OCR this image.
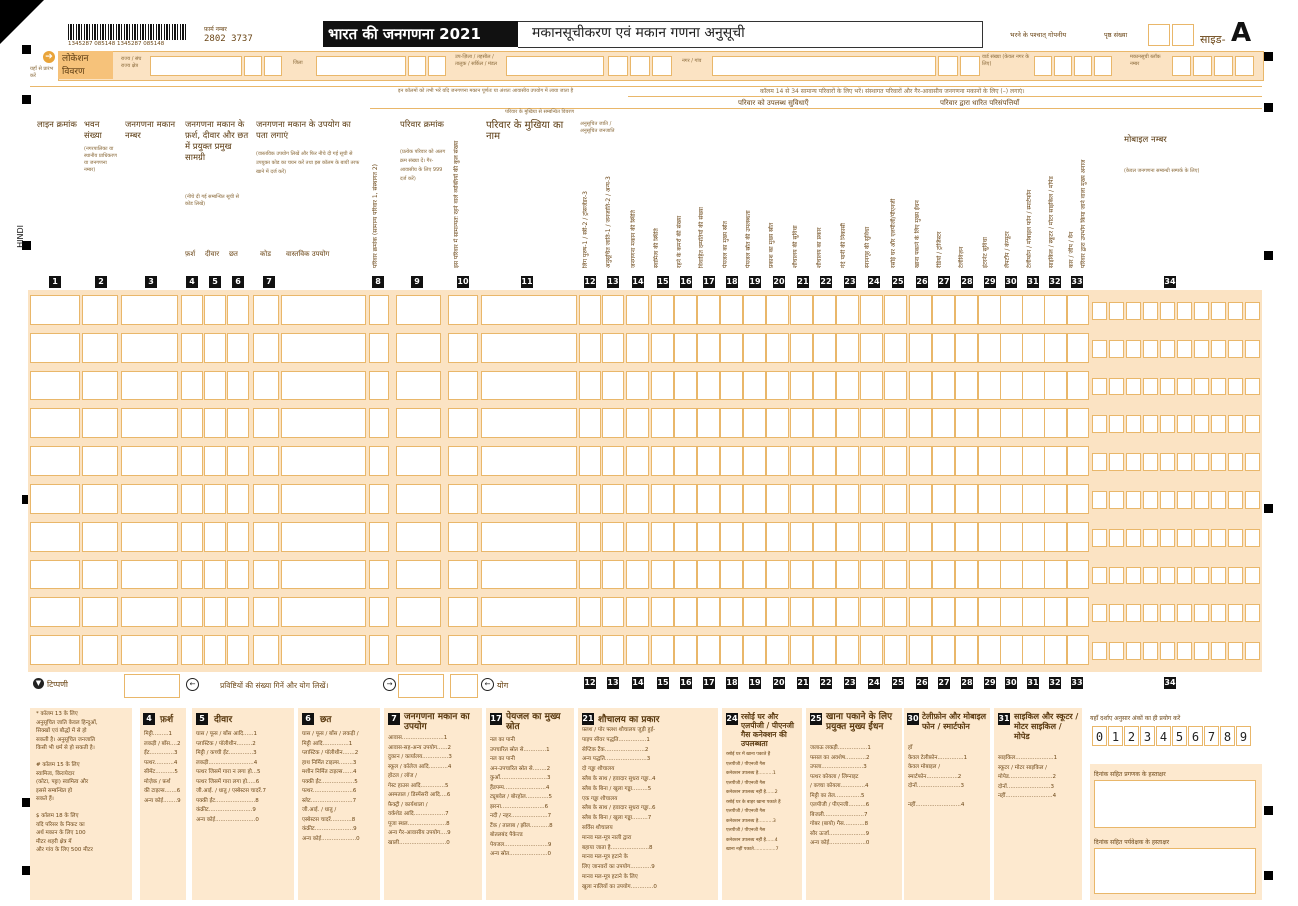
1345287 085148 1345287 085148
फ़ार्म नम्बर
2802 3737	भारत की जनगणना 2021	मकानसूचीकरण एवं मकान गणना अनुसूची	भरने के पश्चात् गोपनीय	पृष्ठ संख्या	साइड- A
➔
यहाँ से प्रारंभ करें
लोकेशन विवरण
राज्य / संघ राज्य क्षेत्र	जिला
उप-ज़िला / तहसील / तालुक / सर्किल / मंडल	नगर / गांव
वार्ड संख्या (केवल नगर के लिए)
मकानसूची ब्लॉक नम्बर
HINDI
लाइन क्रमांक भवन संख्या
(नगरपालिका या स्थानीय प्राधिकरण या जनगणना नम्बर)
जनगणना मकान नम्बर
जनगणना मकान के फ़र्श, दीवार और छत में प्रयुक्त प्रमुख सामग्री
(नीचे दी गई सम्बन्धित सूची से कोड लिखें)
फ़र्श दीवार छत
जनगणना मकान के उपयोग का पता लगाएं
(वास्तविक उपयोग लिखें और फिर नीचे दी गई सूची से उपयुक्त कोड का चयन करें तथा इस कॉलम के बायीं तरफ खाने में दर्ज करें)
कोड वास्तविक उपयोग	परिवार क्रमांक (सामान्य परिवार 1, संस्थागत 2)
इन कॉलमों को तभी भरें यदि जनगणना मकान पूर्णतः या अंशतः आवासीय उपयोग में लाया जाता है
परिवार क्रमांक
(प्रत्येक परिवार को अलग क्रम संख्या दें। गैर-आवासीय के लिए 999 दर्ज करें)	इस परिवार में सामान्यतः रहने वाले व्यक्तियों की कुल संख्या
परिवार के मुखिया से सम्बन्धित विवरण
परिवार के मुखिया का नाम
अनुसूचित जाति / अनुसूचित जनजाति
लिंग पुरुष-1 / स्त्री-2 / ट्रांसजेंडर-3	अनुसूचित जाति-1 / जनजाति-2 / अन्य-3
कॉलम 14 से 34 सामान्य परिवारों के लिए भरें। संस्थागत परिवारों और गैर-आवासीय जनगणना मकानों के लिए (–) लगाएं।
परिवार को उपलब्ध सुविधाएँ	परिवार द्वारा धारित परिसंपत्तियाँ
मोबाइल नम्बर
(केवल जनगणना सम्बन्धी सम्पर्क के लिए)
जनगणना मकान की स्थिति	स्वामित्व की स्थिति	रहने के कमरों की संख्या	विवाहित दम्पतियों की संख्या	पेयजल का मुख्य स्रोत	पेयजल स्रोत की उपलब्धता	प्रकाश का मुख्य स्रोत	शौचालय की सुविधा	शौचालय का प्रकार	गंदे पानी की निकासी	स्नानगृह की सुविधा	रसोई घर और एलपीजी/पीएनजी	खाना पकाने के लिए मुख्य ईंधन	रेडियो / ट्रांजिस्टर	टेलीविज़न	इंटरनेट सुविधा	लैपटॉप / कंप्यूटर	टेलीफोन / मोबाइल फोन / स्मार्टफोन	साइकिल / स्कूटर / मोटर साइकिल / मोपेड	कार / जीप / वैन परिवार द्वारा उपभोग किया जाने वाला मुख्य अनाज
1	2	3	4	5	6	7	8	9	10	11	12 13 14 15 16 17 18 19 20 21 22 23 24 25 26 27 28 29 30 31 32 33	34
▼ टिप्पणी	←	प्रविष्टियों की संख्या गिनें और योग लिखें।	→	← योग	12 13 14 15 16 17 18 19 20 21 22 23 24 25 26 27 28 29 30 31 32 33	34
* कॉलम 13 के लिए
अनुसूचित जाति केवल हिन्दुओं,
सिक्खों एवं बौद्धों में से हो
सकती है। अनुसूचित जनजाति
किसी भी धर्म से हो सकती है।

# कॉलम 15 के लिए
स्वामित्व, किरायेदार
(कोटा, पट्टा) स्वामित्व और
इससे सम्बन्धित हो
सकते हैं।

$ कॉलम 18 के लिए
यदि परिसर के निकट का
अर्थ मकान के लिए 100
मीटर शहरी क्षेत्र में
और गांव के लिए 500 मीटर
4 फ़र्श
मिट्टी.........1
लकड़ी / बाँस....2
ईंट..............3
पत्थर...........4
सीमेंट...........5
मोज़ेक / फ़र्श
की टाइल्स.......6
अन्य कोई........9
5	दीवार
घास / फूस / बाँस आदि......1
प्लास्टिक / पॉलीथीन.........2
मिट्टी / कच्ची ईंट..............3
लकड़ी..........................4
पत्थर जिसमें गारा न लगा हो...5
पत्थर जिसमें गारा लगा हो.....6
जी.आई. / धातु / एस्बेस्टस चादरें.7
पक्की ईंट.......................8
कंक्रीट.........................9
अन्य कोई.......................0
6	छत
घास / फूस / बाँस / लकड़ी /
मिट्टी आदि...............1
प्लास्टिक / पॉलीथीन.......2
हाथ निर्मित टाइल्स........3
मशीन निर्मित टाइल्स......4
पक्की ईंट...................5
पत्थर.......................6
स्लेट........................7
जी.आई. / धातु /
एस्बेस्टस चादरें............8
कंक्रीट......................9
अन्य कोई....................0
7 जनगणना मकान का उपयोग
आवास........................1
आवास-सह-अन्य उपयोग......2
दुकान / कार्यालय...............3
स्कूल / कॉलेज आदि...........4
होटल / लॉज /
गेस्ट हाउस आदि..............5
अस्पताल / डिस्पेंसरी आदि....6
फ़ैक्ट्री / कार्यशाला /
वर्कशेड आदि..................7
पूजा स्थल......................8
अन्य गैर-आवासीय उपयोग....9
खाली...........................0
17 पेयजल का मुख्य स्रोत
नल का पानी
उपचारित स्रोत से.............1
नल का पानी
अन-उपचारित स्रोत से........2
कुआँ...........................3
हैंडपम्प........................4
ट्यूबवेल / बोरहोल.............5
झरना.........................6
नदी / नहर.....................7
टैंक / तालाब / झील...........8
बोतलबंद पैकेज्ड
पेयजल.........................9
अन्य स्रोत......................0
21 शौचालय का प्रकार
फ़्लश / पोर फ्लश शौचालय जुड़ी हुई-
पाइप सीवर पद्धति................1
सेप्टिक टैंक.......................2
अन्य पद्धति........................3
दो गड्ढा शौचालय
स्लैब के साथ / हवादार सुधरा गड्ढा..4
स्लैब के बिना / खुला गड्ढा.........5
एक गड्ढा शौचालय
स्लैब के साथ / हवादार सुधरा गड्ढा..6
स्लैब के बिना / खुला गड्ढा.........7
सर्विस शौचालय
मानव मल-मूत्र नाली द्वारा
बहाया जाता है......................8
मानव मल-मूत्र हटाने के
लिए जानवरों का उपयोग............9
मानव मल-मूत्र हटाने के लिए
खुला नालियों का उपयोग.............0
24 रसोई घर और एलपीजी / पीएनजी गैस कनेक्शन की उपलब्धता
रसोई घर में खाना पकाते हैं
एलपीजी / पीएनजी गैस
कनेक्शन उपलब्ध है..........1
एलपीजी / पीएनजी गैस
कनेक्शन उपलब्ध नहीं है......2
रसोई घर के बाहर खाना पकाते हैं
एलपीजी / पीएनजी गैस
कनेक्शन उपलब्ध है..........3
एलपीजी / पीएनजी गैस
कनेक्शन उपलब्ध नहीं है......4
खाना नहीं पकाते...............7
25 खाना पकाने के लिए प्रयुक्त मुख्य ईंधन
जलाऊ लकड़ी.................1
फसल का अवशेष............2
उपला........................3
पत्थर कोयला / लिग्नाइट
/ कच्चा कोयला..............4
मिट्टी का तेल...............5
एलपीजी / पीएनजी..........6
बिजली.......................7
गोबर (बायो) गैस............8
सौर ऊर्जा.....................9
अन्य कोई.....................0
30 टेलीफ़ोन और मोबाइल फोन / स्मार्टफोन
हाँ
केवल टेलीफ़ोन...............1
केवल मोबाइल /
स्मार्टफोन..................2
दोनों.........................3

नहीं..........................4
31 साइकिल और स्कूटर / मोटर साइकिल / मोपेड
साइकिल......................1
स्कूटर / मोटर साइकिल /
मोपेड.........................2
दोनों.........................3
नहीं...........................4
यहाँ दर्शाए अनुसार अंकों का ही प्रयोग करें
0 1 2 3 4 5 6 7 8 9
दिनांक सहित प्रगणक के हस्ताक्षर
दिनांक सहित पर्यवेक्षक के हस्ताक्षर
